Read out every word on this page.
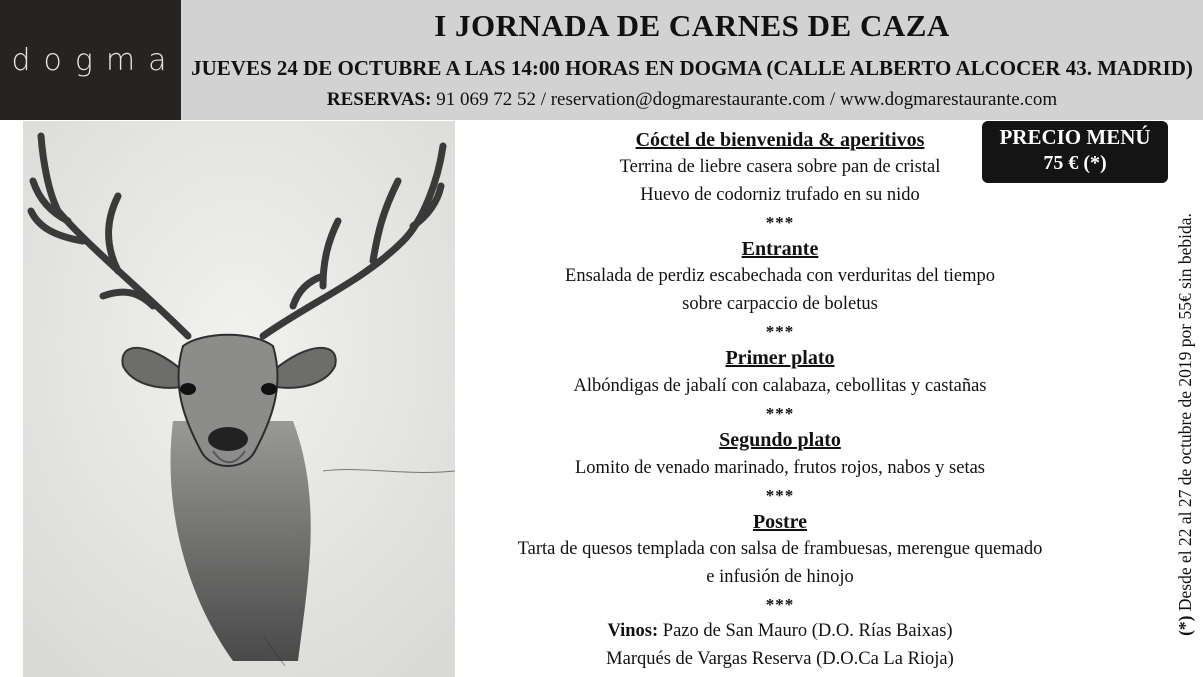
dogma
I JORNADA DE CARNES DE CAZA
JUEVES 24 DE OCTUBRE A LAS 14:00 HORAS EN DOGMA (CALLE ALBERTO ALCOCER 43. MADRID)
RESERVAS: 91 069 72 52 / reservation@dogmarestaurante.com / www.dogmarestaurante.com
Cóctel de bienvenida & aperitivos
Terrina de liebre casera sobre pan de cristal
Huevo de codorniz trufado en su nido
***
Entrante
Ensalada de perdiz escabechada con verduritas del tiempo
sobre carpaccio de boletus
***
Primer plato
Albóndigas de jabalí con calabaza, cebollitas y castañas
***
Segundo plato
Lomito de venado marinado, frutos rojos, nabos y setas
***
Postre
Tarta de quesos templada con salsa de frambuesas, merengue quemado
e infusión de hinojo
***
Vinos: Pazo de San Mauro (D.O. Rías Baixas)
Marqués de Vargas Reserva (D.O.Ca La Rioja)
PRECIO MENÚ
75 € (*)
(*) Desde el 22 al 27 de octubre de 2019 por 55€ sin bebida.
